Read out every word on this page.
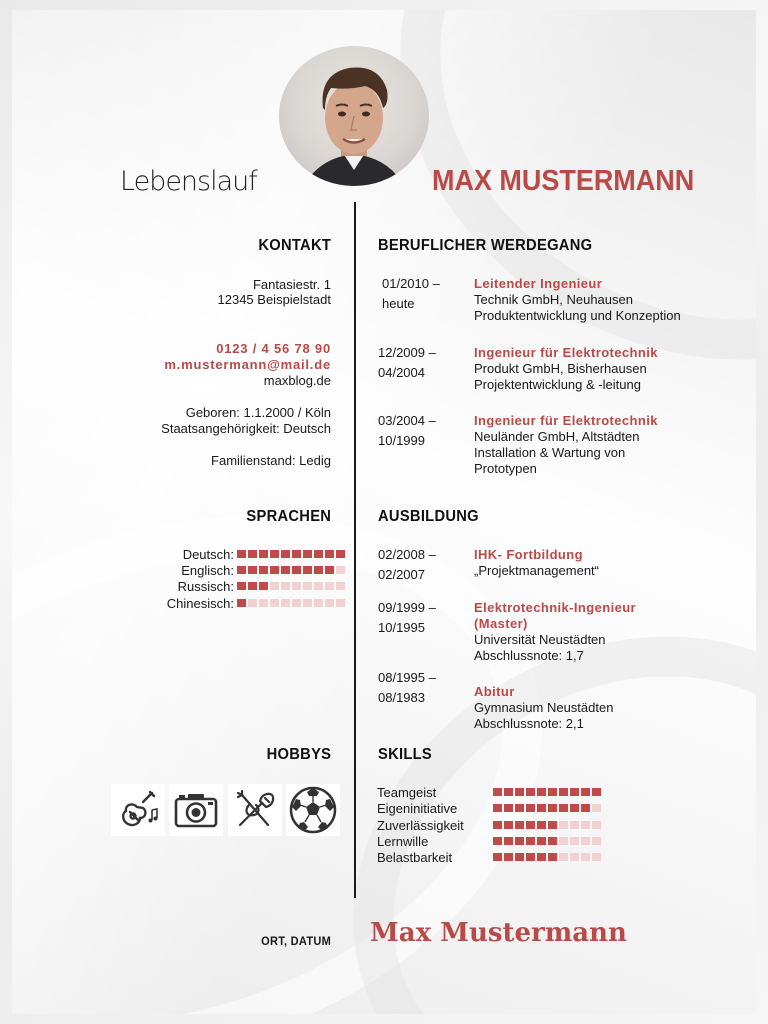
Lebenslauf	MAX MUSTERMANN
KONTAKT
Fantasiestr. 1
12345 Beispielstadt
0123 / 4 56 78 90
m.mustermann@mail.de
maxblog.de
Geboren: 1.1.2000 / Köln
Staatsangehörigkeit: Deutsch
Familienstand: Ledig
SPRACHEN
Deutsch:
Englisch:
Russisch:
Chinesisch:
HOBBYS
BERUFLICHER WERDEGANG
01/2010 –
heute
Leitender Ingenieur
Technik GmbH, Neuhausen
Produktentwicklung und Konzeption
12/2009 –
04/2004
Ingenieur für Elektrotechnik
Produkt GmbH, Bisherhausen
Projektentwicklung & -leitung
03/2004 –
10/1999
Ingenieur für Elektrotechnik
Neuländer GmbH, Altstädten
Installation & Wartung von
Prototypen
AUSBILDUNG
02/2008 –
02/2007
IHK- Fortbildung
„Projektmanagement“
09/1999 –
10/1995
Elektrotechnik-Ingenieur (Master)
Universität Neustädten
Abschlussnote: 1,7
08/1995 –
08/1983	Abitur
Gymnasium Neustädten
Abschlussnote: 2,1
SKILLS
Teamgeist
Eigeninitiative
Zuverlässigkeit
Lernwille
Belastbarkeit
ORT, DATUM Max Mustermann
